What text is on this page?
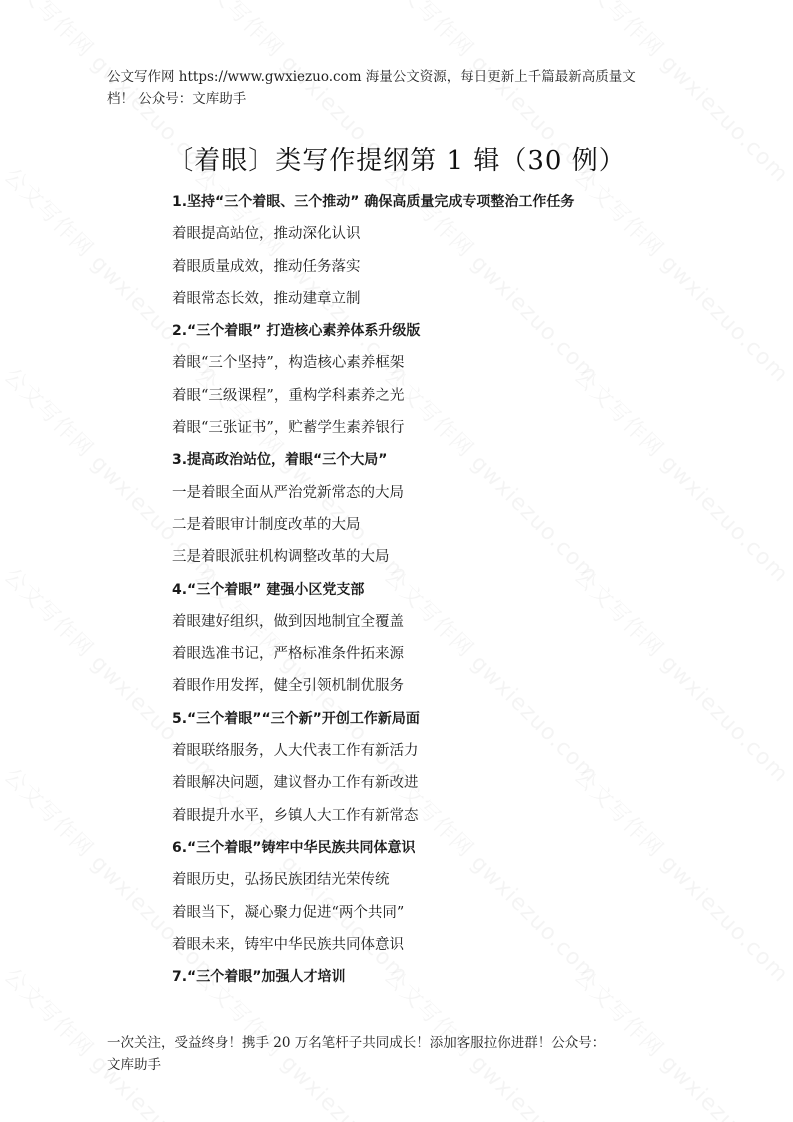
公文写作网 https://www.gwxiezuo.com 海量公文资源，每日更新上千篇最新高质量文
档！ 公众号：文库助手
〔着眼〕类写作提纲第 1 辑（30 例）
1.坚持“三个着眼、三个推动” 确保高质量完成专项整治工作任务
着眼提高站位，推动深化认识
着眼质量成效，推动任务落实
着眼常态长效，推动建章立制
2.“三个着眼” 打造核心素养体系升级版
着眼“三个坚持”，构造核心素养框架
着眼“三级课程”，重构学科素养之光
着眼“三张证书”，贮蓄学生素养银行
3.提高政治站位，着眼“三个大局”
一是着眼全面从严治党新常态的大局
二是着眼审计制度改革的大局
三是着眼派驻机构调整改革的大局
4.“三个着眼” 建强小区党支部
着眼建好组织，做到因地制宜全覆盖
着眼选准书记，严格标准条件拓来源
着眼作用发挥，健全引领机制优服务
5.“三个着眼”“三个新”开创工作新局面
着眼联络服务，人大代表工作有新活力
着眼解决问题，建议督办工作有新改进
着眼提升水平，乡镇人大工作有新常态
6.“三个着眼”铸牢中华民族共同体意识
着眼历史，弘扬民族团结光荣传统
着眼当下，凝心聚力促进“两个共同”
着眼未来，铸牢中华民族共同体意识
7.“三个着眼”加强人才培训
一次关注，受益终身！携手 20 万名笔杆子共同成长！添加客服拉你进群！公众号：
文库助手
